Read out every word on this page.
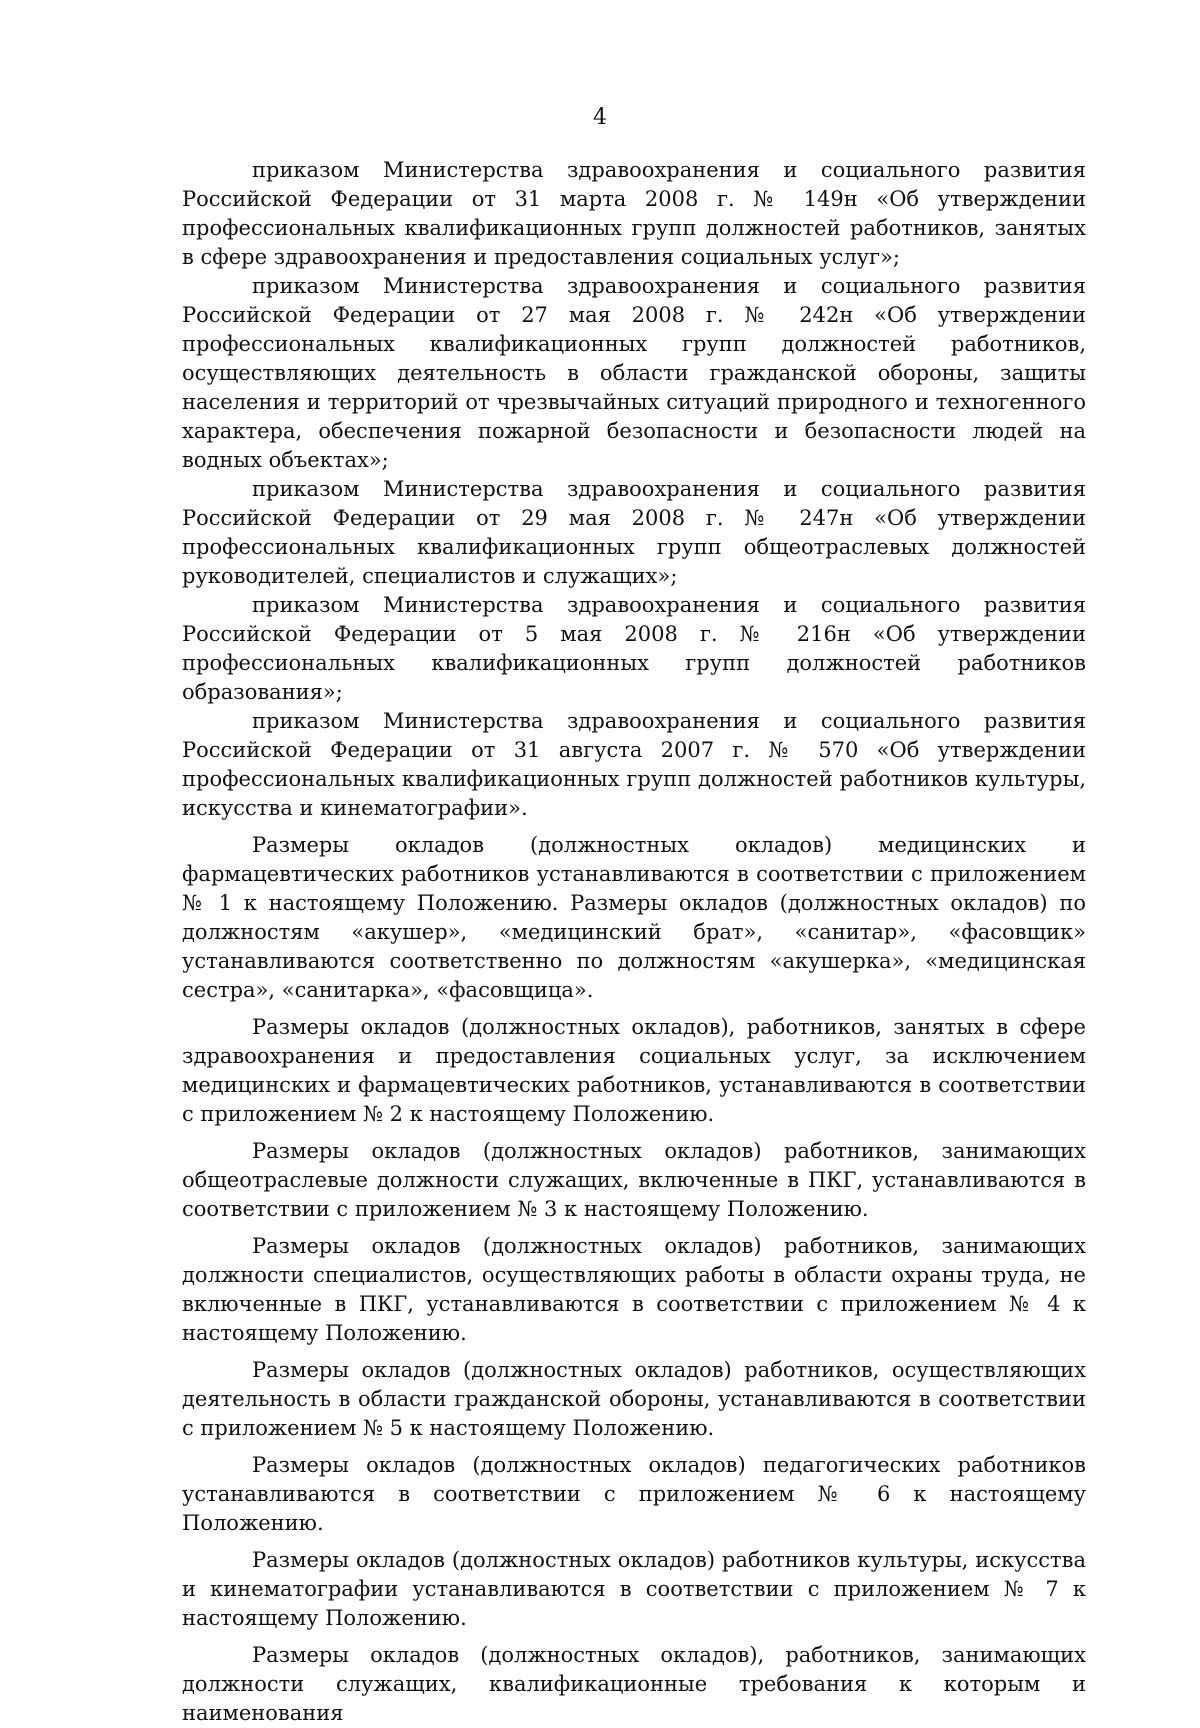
4

приказом Министерства здравоохранения и социального развития Российской Федерации от 31 марта 2008 г. № 149н «Об утверждении профессиональных квалификационных групп должностей работников, занятых в сфере здравоохранения и предоставления социальных услуг»;

приказом Министерства здравоохранения и социального развития Российской Федерации от 27 мая 2008 г. № 242н «Об утверждении профессиональных квалификационных групп должностей работников, осуществляющих деятельность в области гражданской обороны, защиты населения и территорий от чрезвычайных ситуаций природного и техногенного характера, обеспечения пожарной безопасности и безопасности людей на водных объектах»;

приказом Министерства здравоохранения и социального развития Российской Федерации от 29 мая 2008 г. № 247н «Об утверждении профессиональных квалификационных групп общеотраслевых должностей руководителей, специалистов и служащих»;

приказом Министерства здравоохранения и социального развития Российской Федерации от 5 мая 2008 г. № 216н «Об утверждении профессиональных квалификационных групп должностей работников образования»;

приказом Министерства здравоохранения и социального развития Российской Федерации от 31 августа 2007 г. № 570 «Об утверждении профессиональных квалификационных групп должностей работников культуры, искусства и кинематографии».

Размеры окладов (должностных окладов) медицинских и фармацевтических работников устанавливаются в соответствии с приложением № 1 к настоящему Положению. Размеры окладов (должностных окладов) по должностям «акушер», «медицинский брат», «санитар», «фасовщик» устанавливаются соответственно по должностям «акушерка», «медицинская сестра», «санитарка», «фасовщица».

Размеры окладов (должностных окладов), работников, занятых в сфере здравоохранения и предоставления социальных услуг, за исключением медицинских и фармацевтических работников, устанавливаются в соответствии с приложением № 2 к настоящему Положению.

Размеры окладов (должностных окладов) работников, занимающих общеотраслевые должности служащих, включенные в ПКГ, устанавливаются в соответствии с приложением № 3 к настоящему Положению.

Размеры окладов (должностных окладов) работников, занимающих должности специалистов, осуществляющих работы в области охраны труда, не включенные в ПКГ, устанавливаются в соответствии с приложением № 4 к настоящему Положению.

Размеры окладов (должностных окладов) работников, осуществляющих деятельность в области гражданской обороны, устанавливаются в соответствии с приложением № 5 к настоящему Положению.

Размеры окладов (должностных окладов) педагогических работников устанавливаются в соответствии с приложением № 6 к настоящему Положению.

Размеры окладов (должностных окладов) работников культуры, искусства и кинематографии устанавливаются в соответствии с приложением № 7 к настоящему Положению.

Размеры окладов (должностных окладов), работников, занимающих должности служащих, квалификационные требования к которым и наименования
